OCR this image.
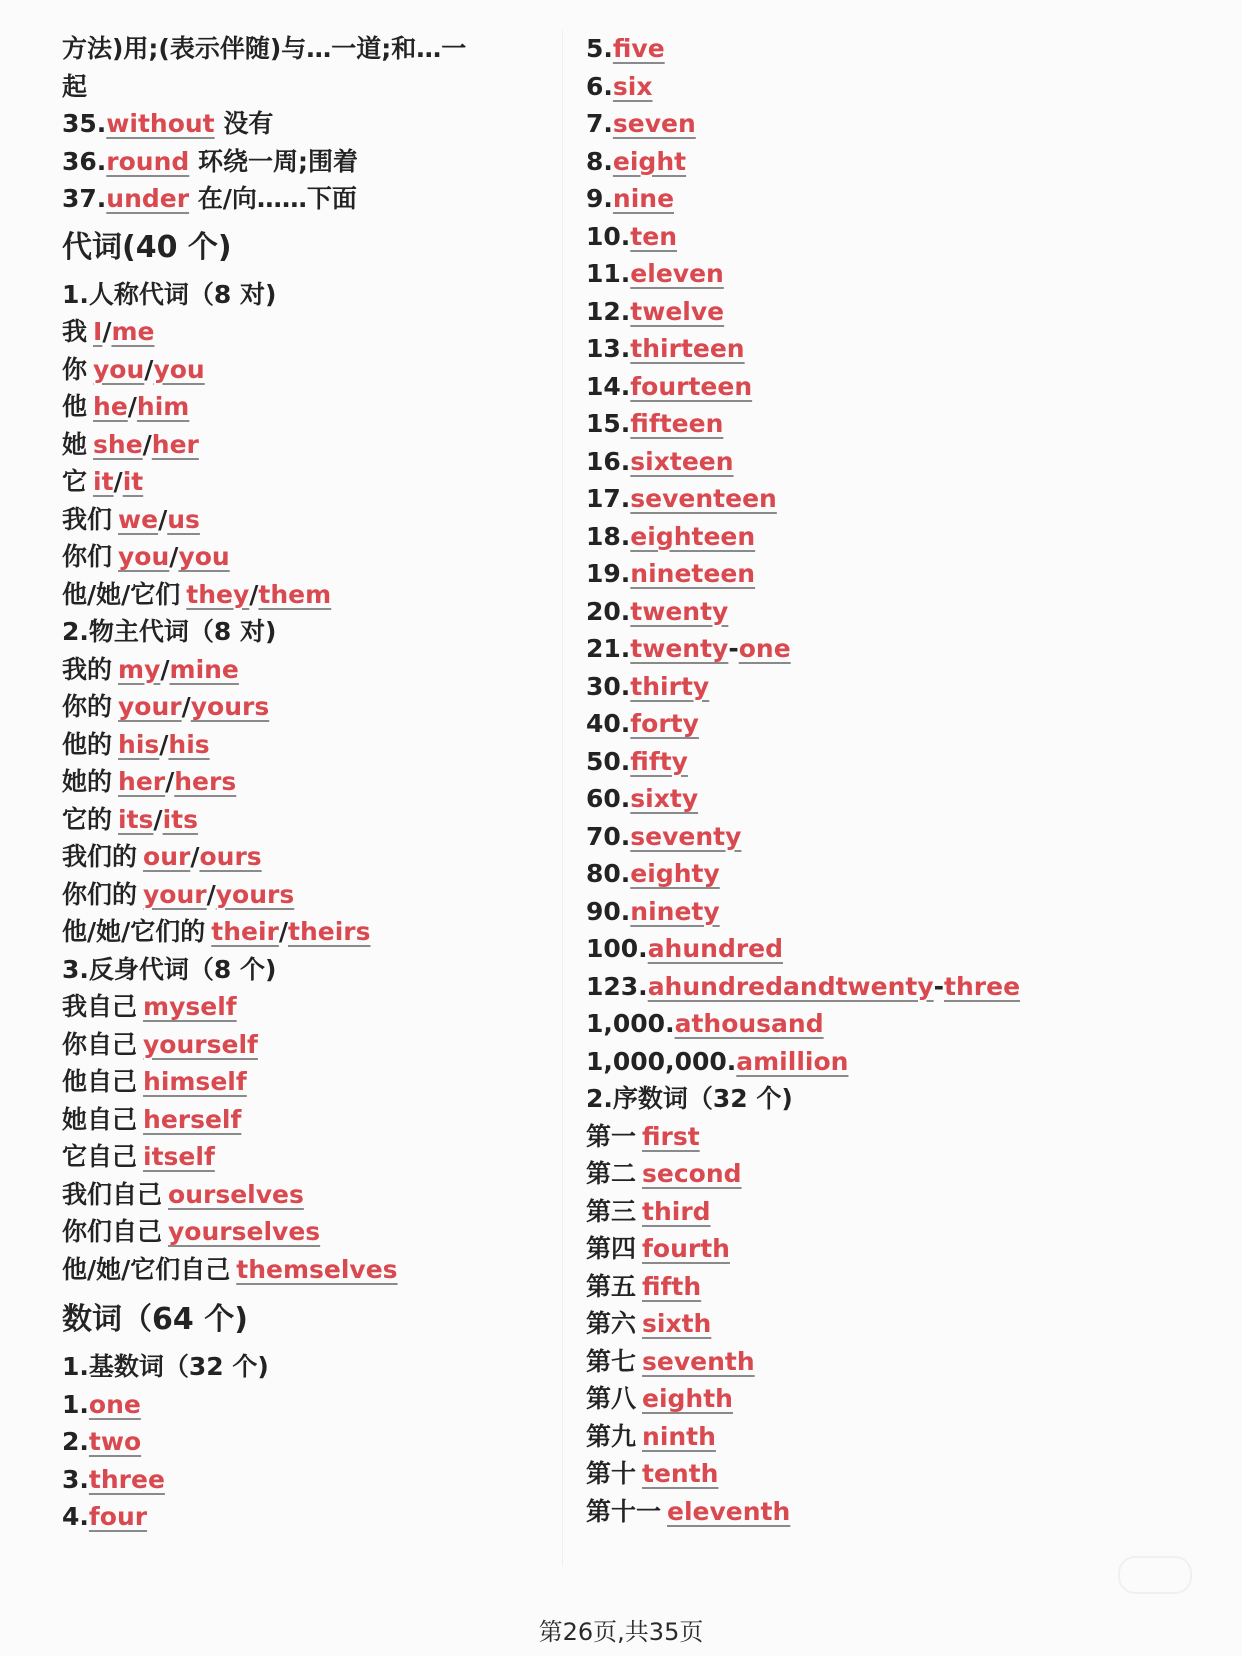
方法)用;(表示伴随)与…一道;和…一
起
35.without 没有
36.round 环绕一周;围着
37.under 在/向……下面
代词(40 个)
1.人称代词（8 对)
我 I/me
你 you/you
他 he/him
她 she/her
它 it/it
我们 we/us
你们 you/you
他/她/它们 they/them
2.物主代词（8 对)
我的 my/mine
你的 your/yours
他的 his/his
她的 her/hers
它的 its/its
我们的 our/ours
你们的 your/yours
他/她/它们的 their/theirs
3.反身代词（8 个)
我自己 myself
你自己 yourself
他自己 himself
她自己 herself
它自己 itself
我们自己 ourselves
你们自己 yourselves
他/她/它们自己 themselves
数词（64 个)
1.基数词（32 个)
1.one
2.two
3.three
4.four
5.five
6.six
7.seven
8.eight
9.nine
10.ten
11.eleven
12.twelve
13.thirteen
14.fourteen
15.fifteen
16.sixteen
17.seventeen
18.eighteen
19.nineteen
20.twenty
21.twenty-one
30.thirty
40.forty
50.fifty
60.sixty
70.seventy
80.eighty
90.ninety
100.ahundred
123.ahundredandtwenty-three
1,000.athousand
1,000,000.amillion
2.序数词（32 个)
第一 first
第二 second
第三 third
第四 fourth
第五 fifth
第六 sixth
第七 seventh
第八 eighth
第九 ninth
第十 tenth
第十一 eleventh
第26页,共35页
